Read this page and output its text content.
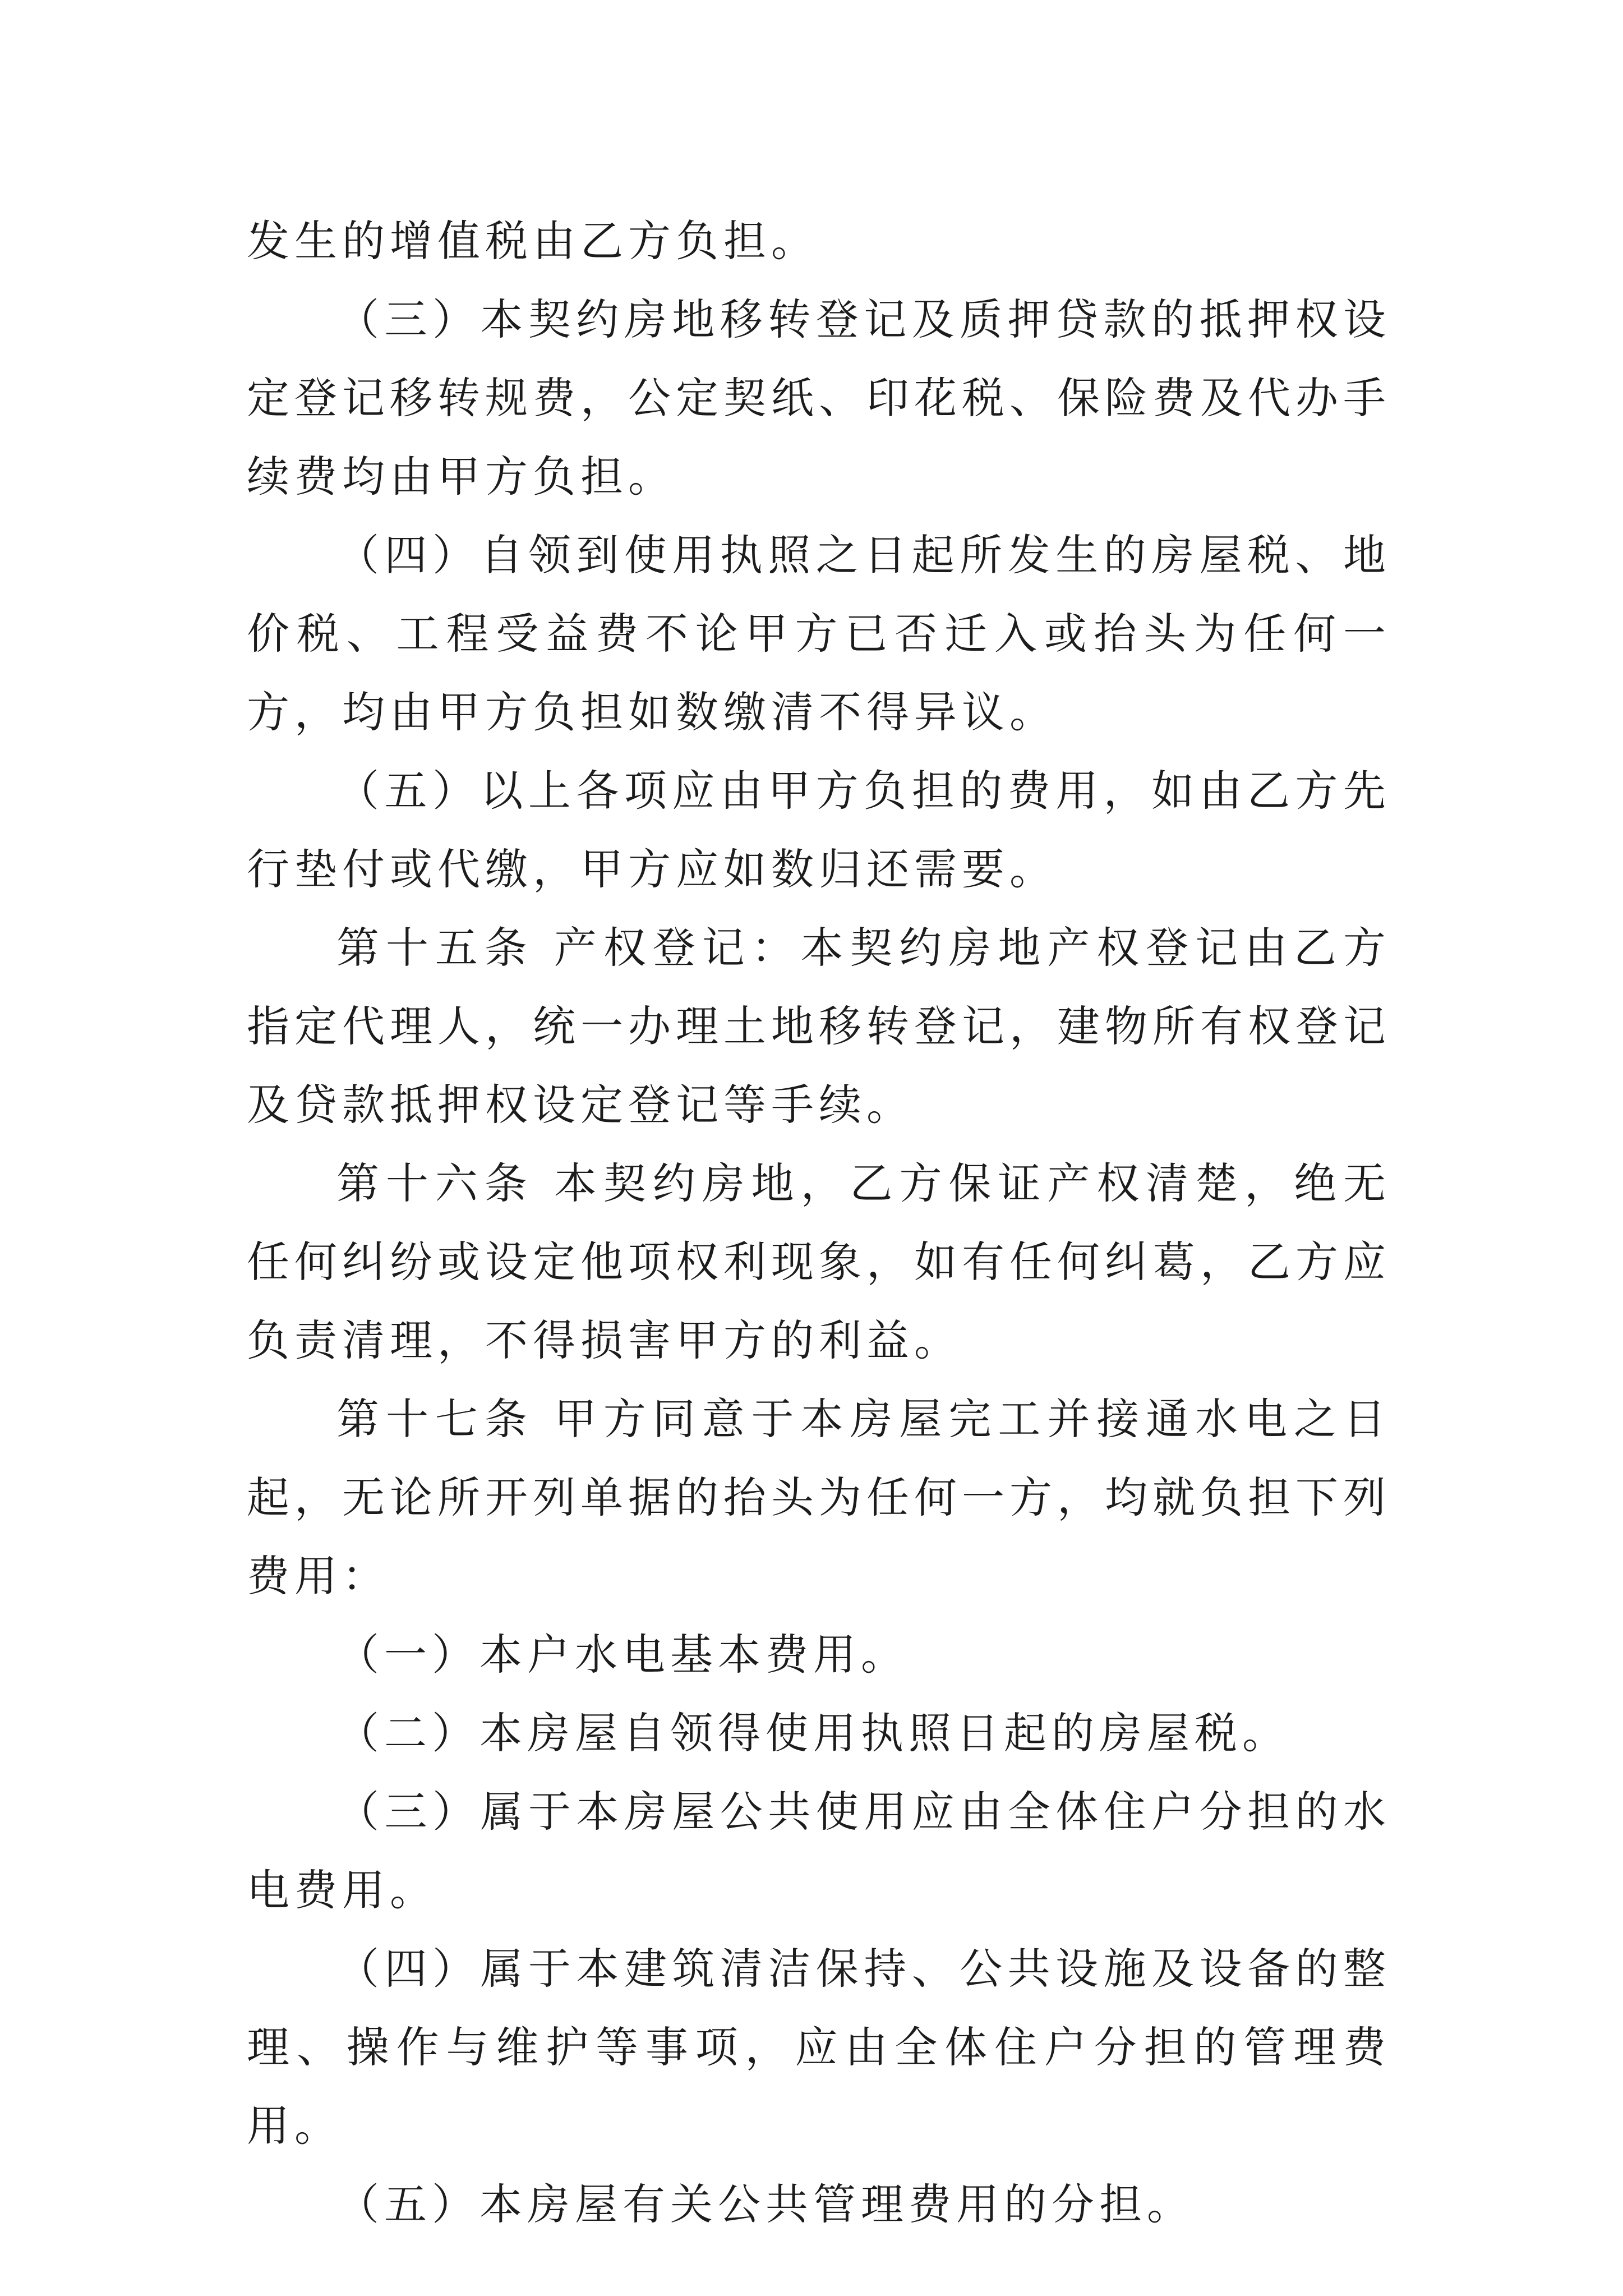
发生的增值税由乙方负担。

（三）本契约房地移转登记及质押贷款的抵押权设定登记移转规费，公定契纸、印花税、保险费及代办手续费均由甲方负担。

（四）自领到使用执照之日起所发生的房屋税、地价税、工程受益费不论甲方已否迁入或抬头为任何一方，均由甲方负担如数缴清不得异议。

（五）以上各项应由甲方负担的费用，如由乙方先行垫付或代缴，甲方应如数归还需要。

第十五条 产权登记：本契约房地产权登记由乙方指定代理人，统一办理土地移转登记，建物所有权登记及贷款抵押权设定登记等手续。

第十六条 本契约房地，乙方保证产权清楚，绝无任何纠纷或设定他项权利现象，如有任何纠葛，乙方应负责清理，不得损害甲方的利益。

第十七条 甲方同意于本房屋完工并接通水电之日起，无论所开列单据的抬头为任何一方，均就负担下列费用：

（一）本户水电基本费用。

（二）本房屋自领得使用执照日起的房屋税。

（三）属于本房屋公共使用应由全体住户分担的水电费用。

（四）属于本建筑清洁保持、公共设施及设备的整理、操作与维护等事项，应由全体住户分担的管理费用。

（五）本房屋有关公共管理费用的分担。
